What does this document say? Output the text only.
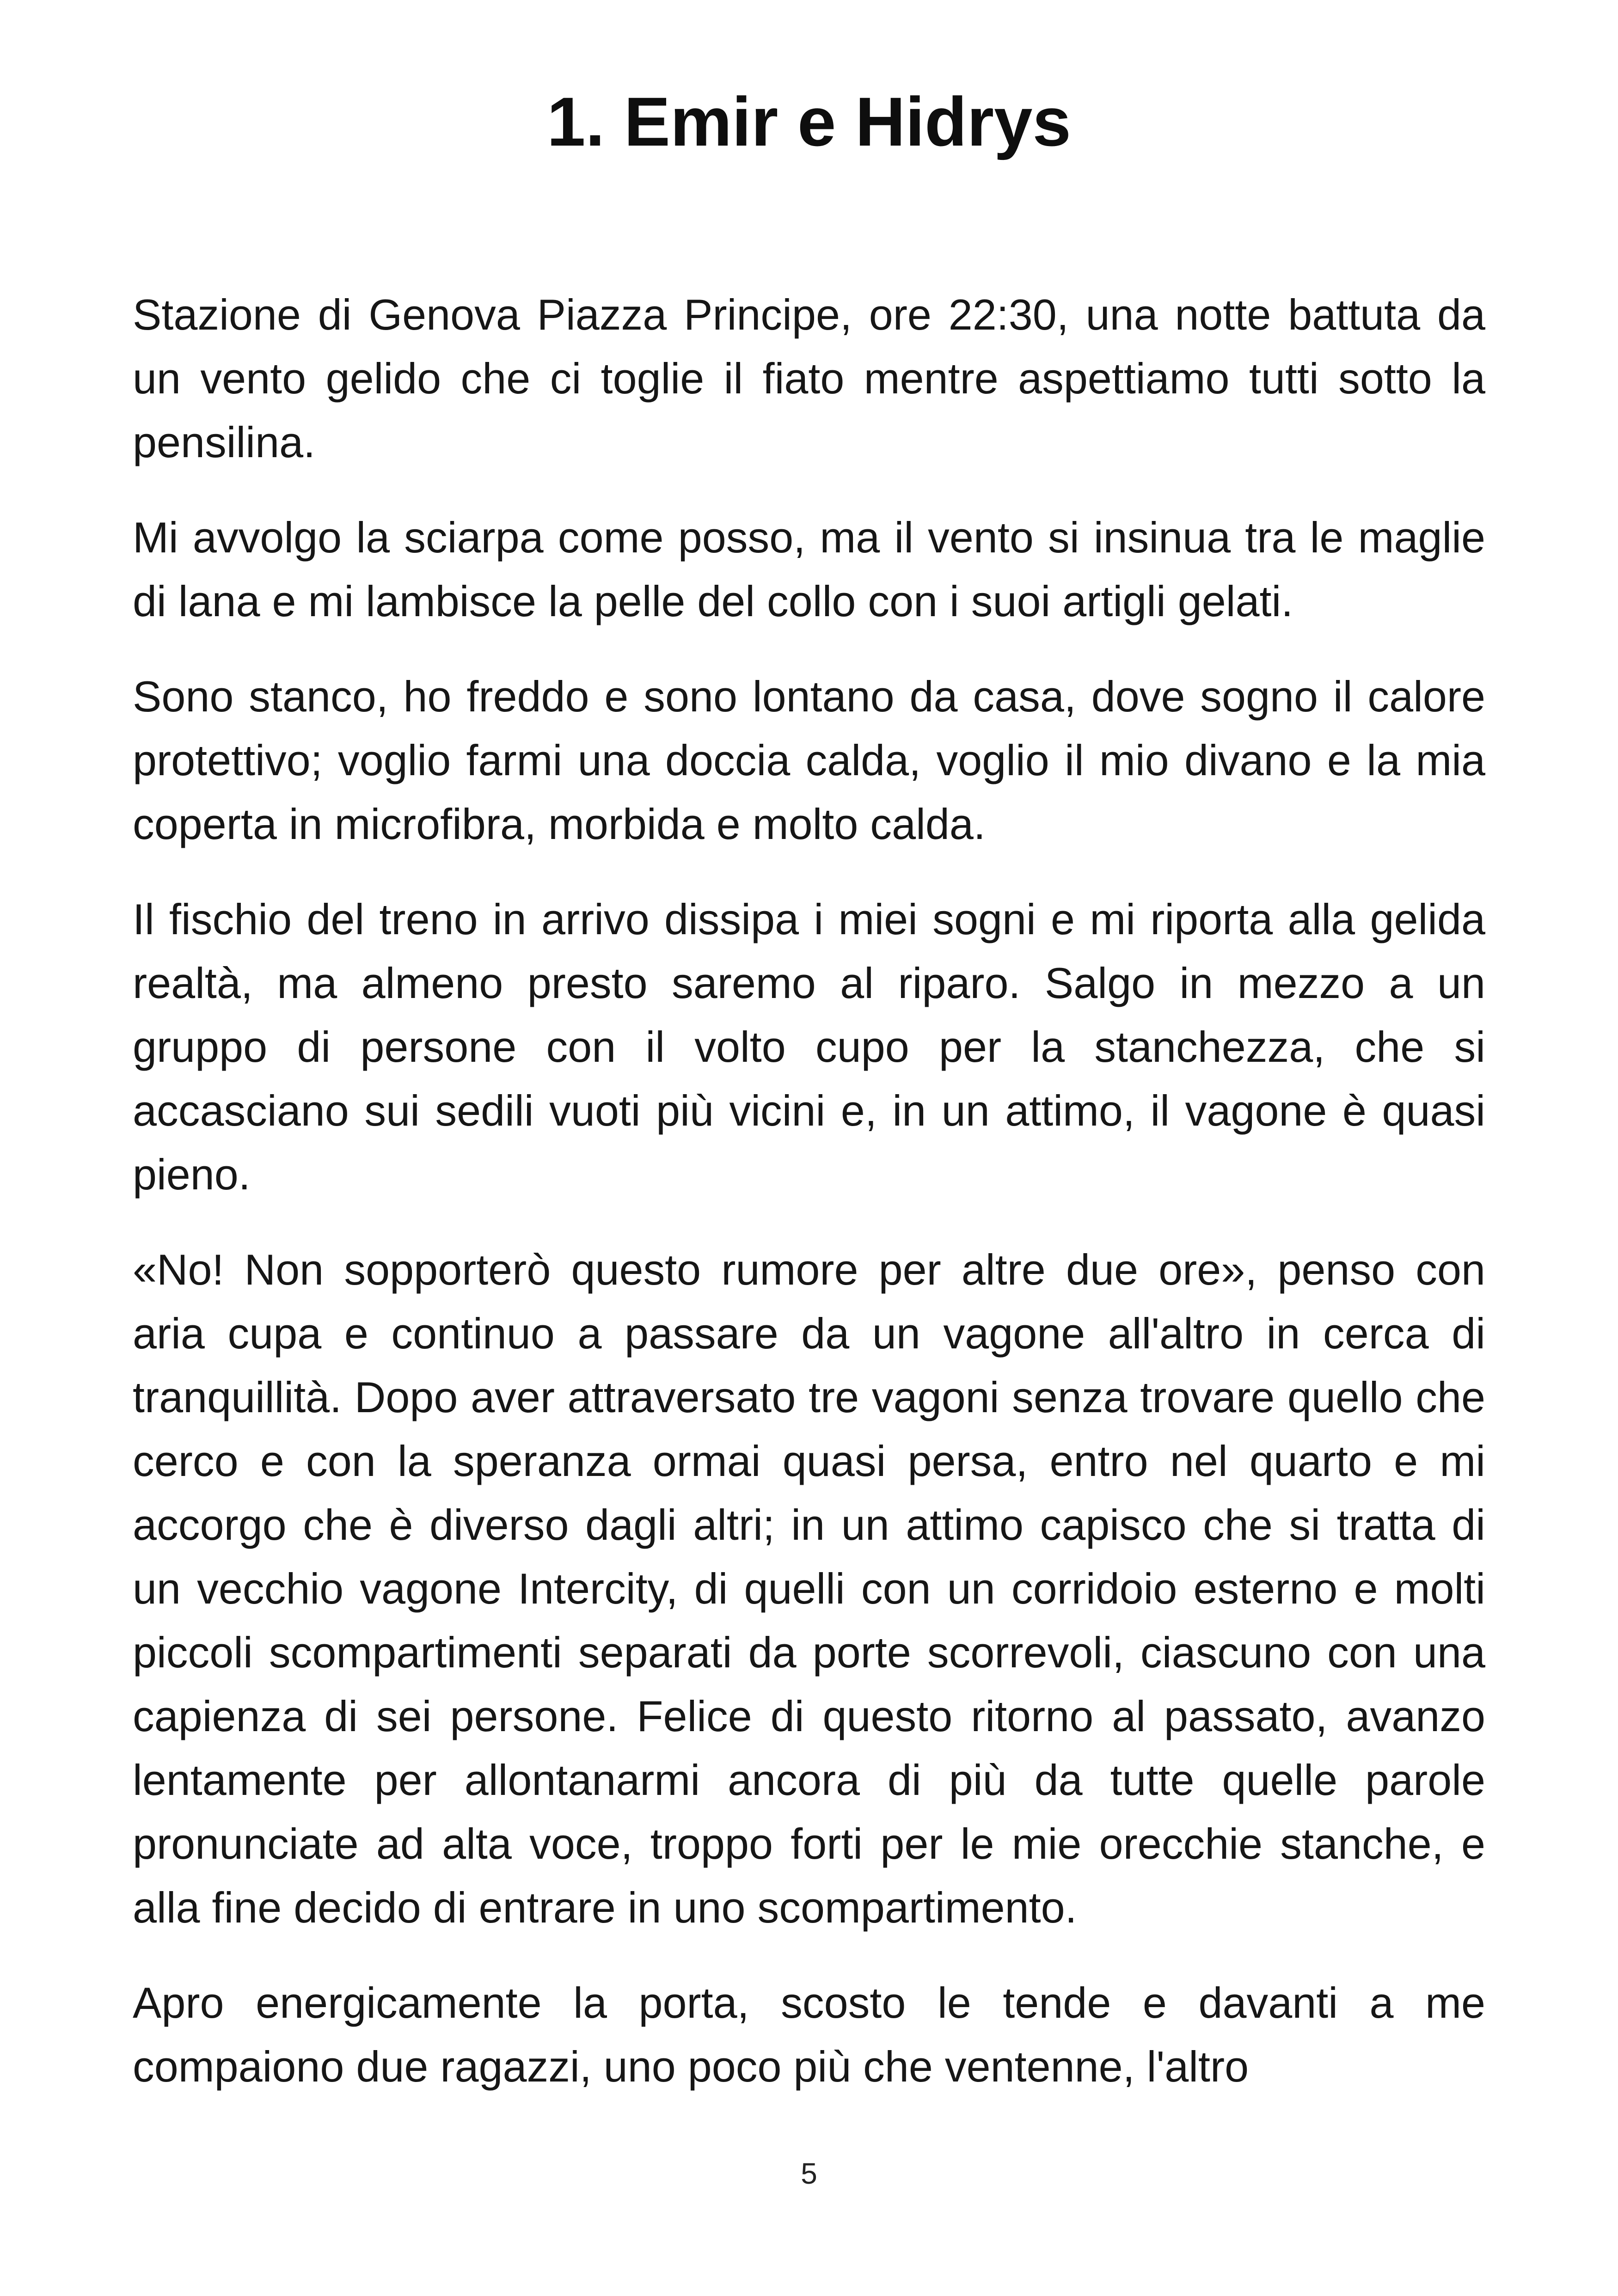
1. Emir e Hidrys

Stazione di Genova Piazza Principe, ore 22:30, una notte battuta da un vento gelido che ci toglie il fiato mentre aspettiamo tutti sotto la pensilina.

Mi avvolgo la sciarpa come posso, ma il vento si insinua tra le maglie di lana e mi lambisce la pelle del collo con i suoi artigli gelati.

Sono stanco, ho freddo e sono lontano da casa, dove sogno il calore protettivo; voglio farmi una doccia calda, voglio il mio divano e la mia coperta in microfibra, morbida e molto calda.

Il fischio del treno in arrivo dissipa i miei sogni e mi riporta alla gelida realtà, ma almeno presto saremo al riparo. Salgo in mezzo a un gruppo di persone con il volto cupo per la stanchezza, che si accasciano sui sedili vuoti più vicini e, in un attimo, il vagone è quasi pieno.

«No! Non sopporterò questo rumore per altre due ore», penso con aria cupa e continuo a passare da un vagone all'altro in cerca di tranquillità. Dopo aver attraversato tre vagoni senza trovare quello che cerco e con la speranza ormai quasi persa, entro nel quarto e mi accorgo che è diverso dagli altri; in un attimo capisco che si tratta di un vecchio vagone Intercity, di quelli con un corridoio esterno e molti piccoli scompartimenti separati da porte scorrevoli, ciascuno con una capienza di sei persone. Felice di questo ritorno al passato, avanzo lentamente per allontanarmi ancora di più da tutte quelle parole pronunciate ad alta voce, troppo forti per le mie orecchie stanche, e alla fine decido di entrare in uno scompartimento.

Apro energicamente la porta, scosto le tende e davanti a me compaiono due ragazzi, uno poco più che ventenne, l'altro

5
